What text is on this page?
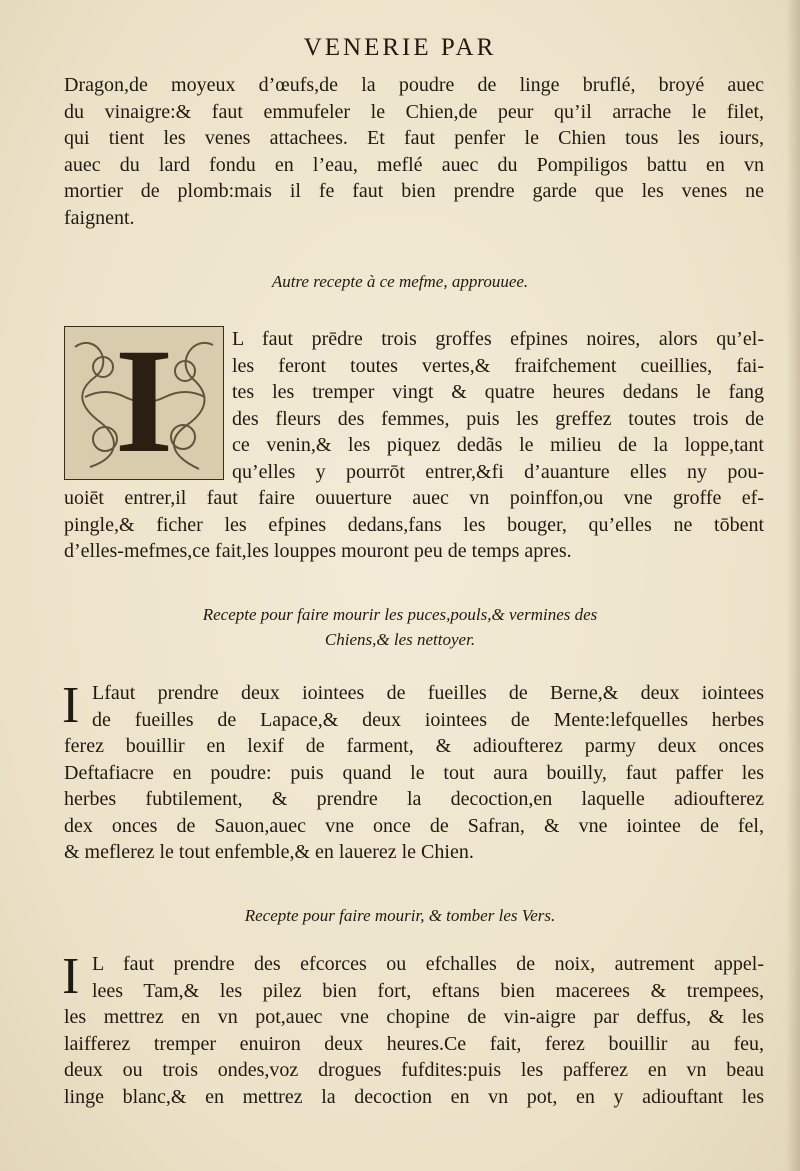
VENERIE PAR

Dragon,de moyeux d’œufs,de la poudre de linge bruflé, broyé auec
du vinaigre:& faut emmufeler le Chien,de peur qu’il arrache le filet,
qui tient les venes attachees. Et faut penfer le Chien tous les iours,
auec du lard fondu en l’eau, meflé auec du Pompiligos battu en vn
mortier de plomb:mais il fe faut bien prendre garde que les venes ne
faignent.

Autre recepte à ce mefme, approuuee.
I	L faut prēdre trois groffes efpines noires, alors qu’el-
les feront toutes vertes,& fraifchement cueillies, fai-
tes les tremper vingt & quatre heures dedans le fang
des fleurs des femmes, puis les greffez toutes trois de
ce venin,& les piquez dedãs le milieu de la loppe,tant
qu’elles y pourrōt entrer,&fi d’auanture elles ny pou-
uoiēt entrer,il faut faire ouuerture auec vn poinffon,ou vne groffe ef-
pingle,& ficher les efpines dedans,fans les bouger, qu’elles ne tōbent
d’elles-mefmes,ce fait,les louppes mouront peu de temps apres.

Recepte pour faire mourir les puces,pouls,& vermines des
Chiens,& les nettoyer.
I Lfaut prendre deux iointees de fueilles de Berne,& deux iointees
de fueilles de Lapace,& deux iointees de Mente:lefquelles herbes
ferez bouillir en lexif de farment, & adioufterez parmy deux onces
Deftafiacre en poudre: puis quand le tout aura bouilly, faut paffer les
herbes fubtilement, & prendre la decoction,en laquelle adioufterez
dex onces de Sauon,auec vne once de Safran, & vne iointee de fel,
& meflerez le tout enfemble,& en lauerez le Chien.

Recepte pour faire mourir, & tomber les Vers.
I L faut prendre des efcorces ou efchalles de noix, autrement appel-
lees Tam,& les pilez bien fort, eftans bien macerees & trempees,
les mettrez en vn pot,auec vne chopine de vin-aigre par deffus, & les
laifferez tremper enuiron deux heures.Ce fait, ferez bouillir au feu,
deux ou trois ondes,voz drogues fufdites:puis les pafferez en vn beau
linge blanc,& en mettrez la decoction en vn pot, en y adiouftant les
